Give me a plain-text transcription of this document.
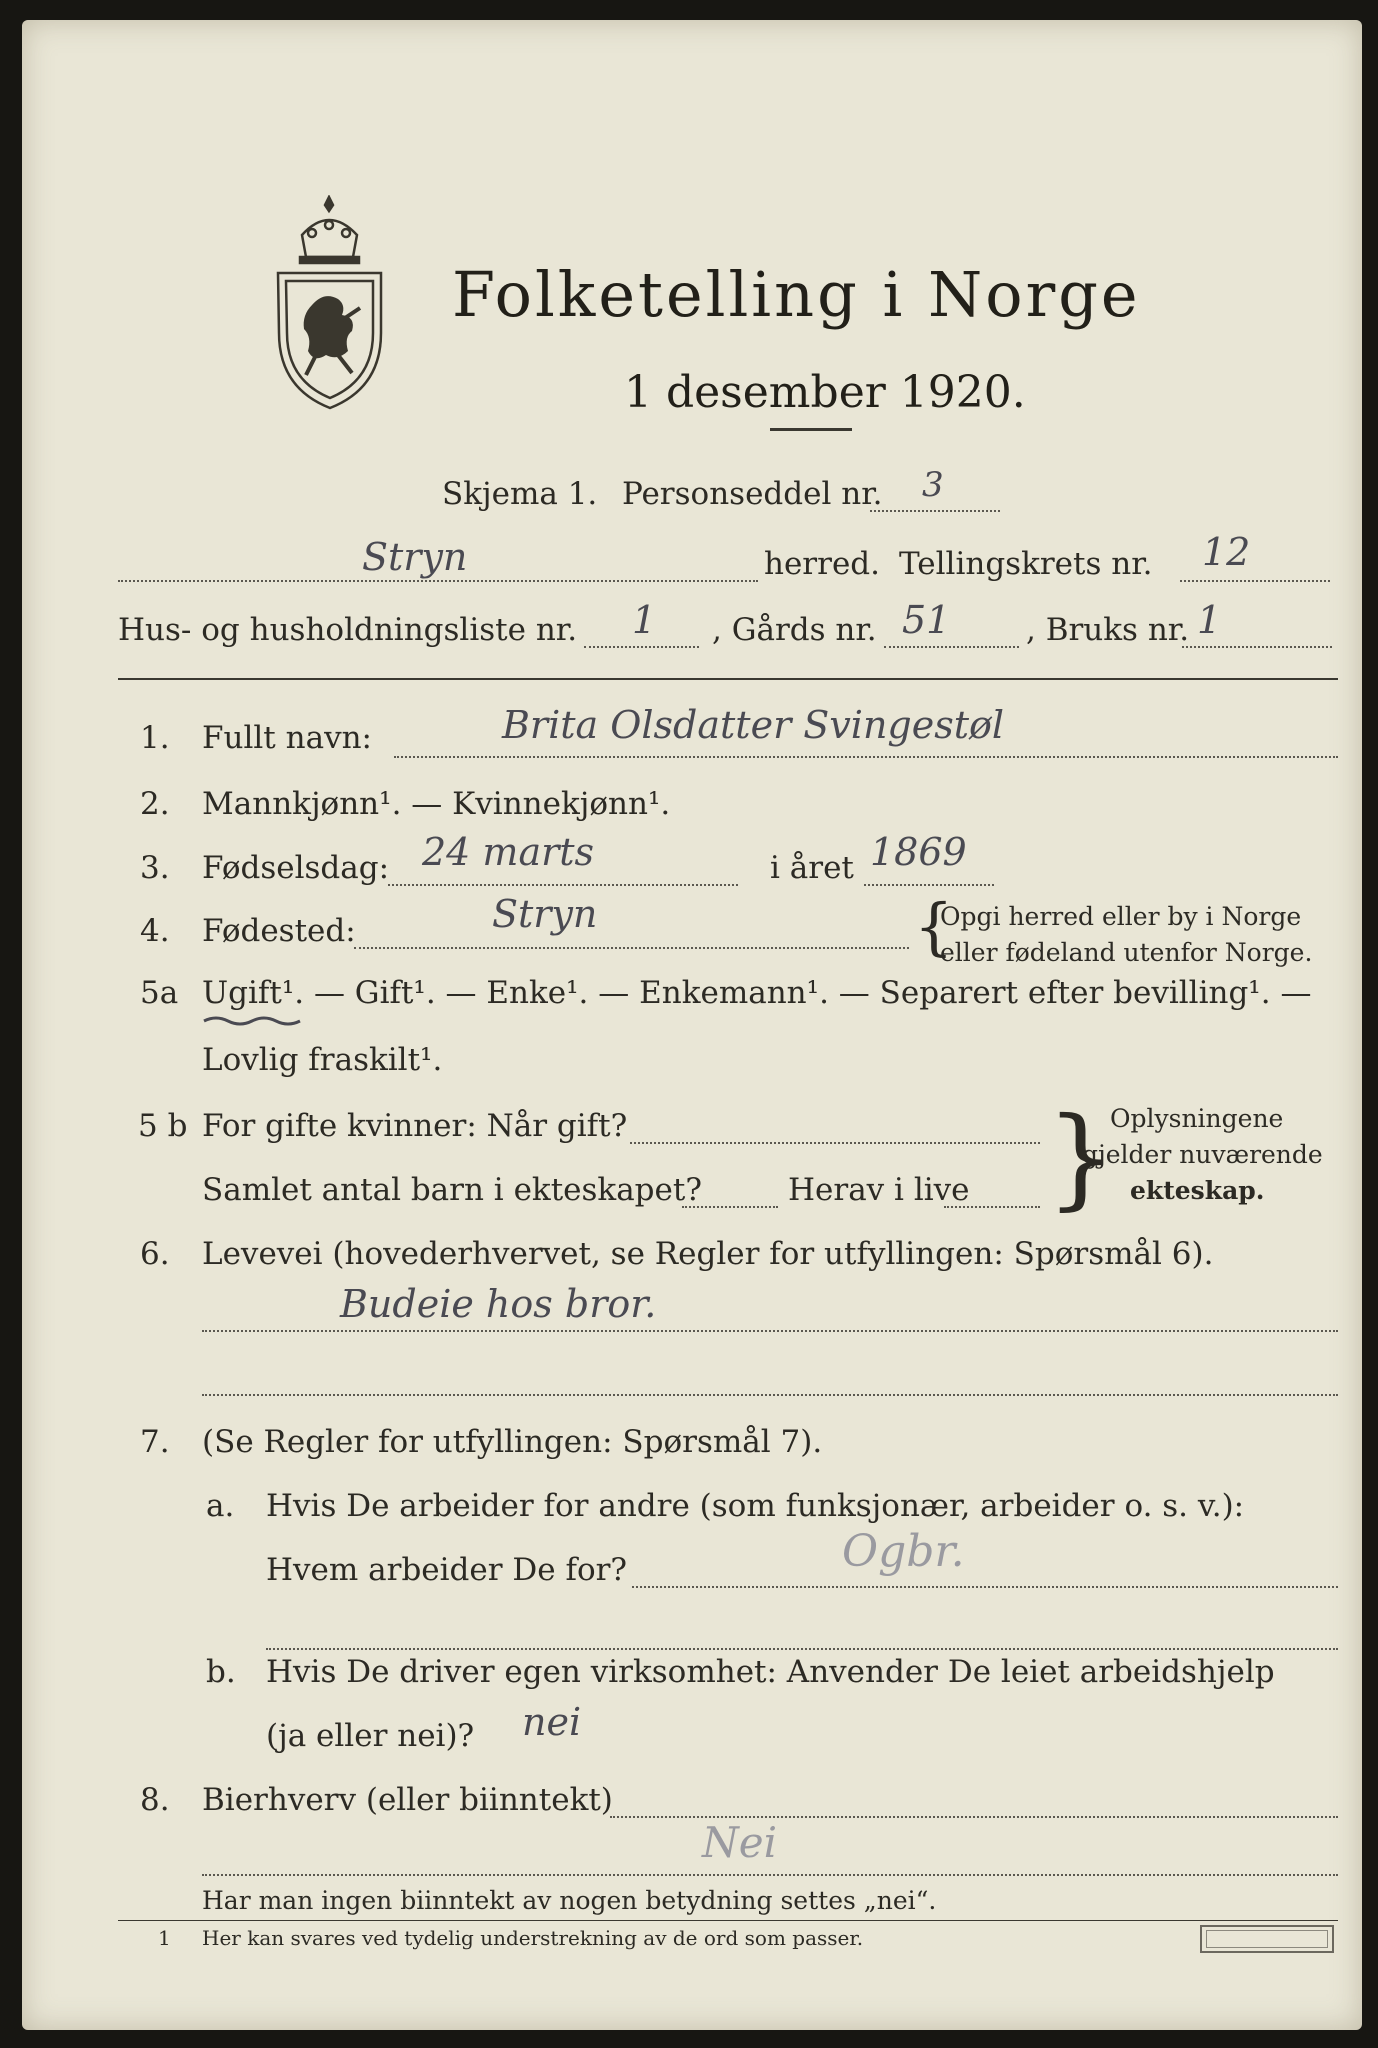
Folketelling i Norge
1 desember 1920.
Skjema 1. Personseddel nr. 3
Stryn	herred. Tellingskrets nr. 12
Hus- og husholdningsliste nr. 1 , Gårds nr. 51 , Bruks nr. 1
1. Fullt navn:	Brita Olsdatter Svingestøl
2. Mannkjønn¹. — Kvinnekjønn¹.
3. Fødselsdag: 24 marts	i året 1869
4. Fødested:	Stryn	{
Opgi herred eller by i Norge
eller fødeland utenfor Norge.
5a Ugift¹. — Gift¹. — Enke¹. — Enkemann¹. — Separert efter bevilling¹. —
Lovlig fraskilt¹.
5 b For gifte kvinner: Når gift?
Samlet antal barn i ekteskapet?	Herav i live }
Oplysningene
gjelder nuværende
ekteskap.
6. Levevei (hovederhvervet, se Regler for utfyllingen: Spørsmål 6).
Budeie hos bror.
7. (Se Regler for utfyllingen: Spørsmål 7).
a. Hvis De arbeider for andre (som funksjonær, arbeider o. s. v.):
Hvem arbeider De for?	Ogbr.
b. Hvis De driver egen virksomhet: Anvender De leiet arbeidshjelp
(ja eller nei)? nei
8. Bierhverv (eller biinntekt)
Nei
Har man ingen biinntekt av nogen betydning settes „nei“.
1 Her kan svares ved tydelig understrekning av de ord som passer.
